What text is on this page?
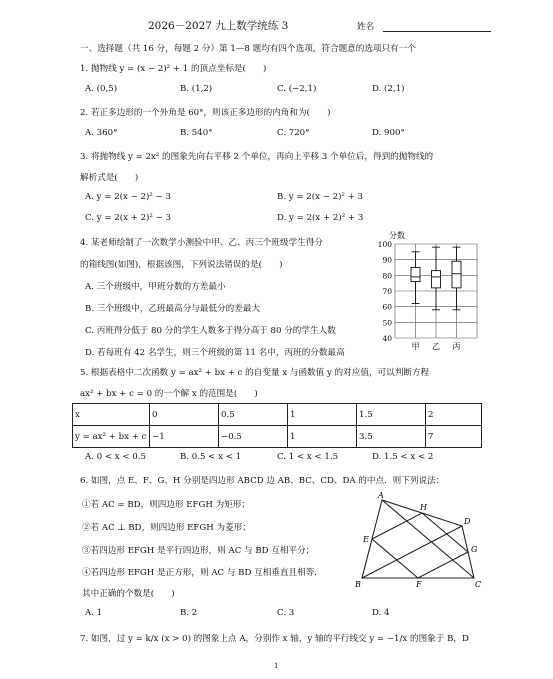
2026－2027 九上数学统练 3	姓名
一、选择题（共 16 分，每题 2 分）第 1—8 题均有四个选项，符合题意的选项只有一个
1. 抛物线 y = (x − 2)² + 1 的顶点坐标是(　　)
A. (0,5)	B. (1,2)	C. (−2,1)	D. (2,1)
2. 若正多边形的一个外角是 60°，则该正多边形的内角和为(　　)
A. 360°	B. 540°	C. 720°	D. 900°
3. 将抛物线 y = 2x² 的图象先向右平移 2 个单位，再向上平移 3 个单位后，得到的抛物线的
解析式是(　　)
A. y = 2(x − 2)² − 3	B. y = 2(x − 2)² + 3
C. y = 2(x + 2)² − 3	D. y = 2(x + 2)² + 3
4. 某老师绘制了一次数学小测验中甲、乙、丙三个班级学生得分
的箱线图(如图)，根据该图，下列说法错误的是(　　)
A. 三个班级中，甲班分数的方差最小
B. 三个班级中，乙班最高分与最低分的差最大
C. 丙班得分低于 80 分的学生人数多于得分高于 80 分的学生人数
D. 若每班有 42 名学生，则三个班级的第 11 名中，丙班的分数最高
分数
40
50
60
70
80
90
100
甲 乙 丙
5. 根据表格中二次函数 y = ax² + bx + c 的自变量 x 与函数值 y 的对应值，可以判断方程
ax² + bx + c = 0 的一个解 x 的范围是(　　)
x	0	0.5	1	1.5	2
y = ax² + bx + c	−1	−0.5	1	3.5	7
A. 0 < x < 0.5	B. 0.5 < x < 1	C. 1 < x < 1.5	D. 1.5 < x < 2
6. 如图，点 E、F、G、H 分别是四边形 ABCD 边 AB、BC、CD、DA 的中点．则下列说法：
①若 AC = BD，则四边形 EFGH 为矩形；
②若 AC ⊥ BD，则四边形 EFGH 为菱形；
③若四边形 EFGH 是平行四边形，则 AC 与 BD 互相平分；
④若四边形 EFGH 是正方形，则 AC 与 BD 互相垂直且相等．
其中正确的个数是(　　)
A. 1	B. 2	C. 3	D. 4
A
B	C
D
E
F
G
H
7. 如图，过 y = k/x (x > 0) 的图象上点 A，分别作 x 轴，y 轴的平行线交 y = −1/x 的图象于 B，D
1
